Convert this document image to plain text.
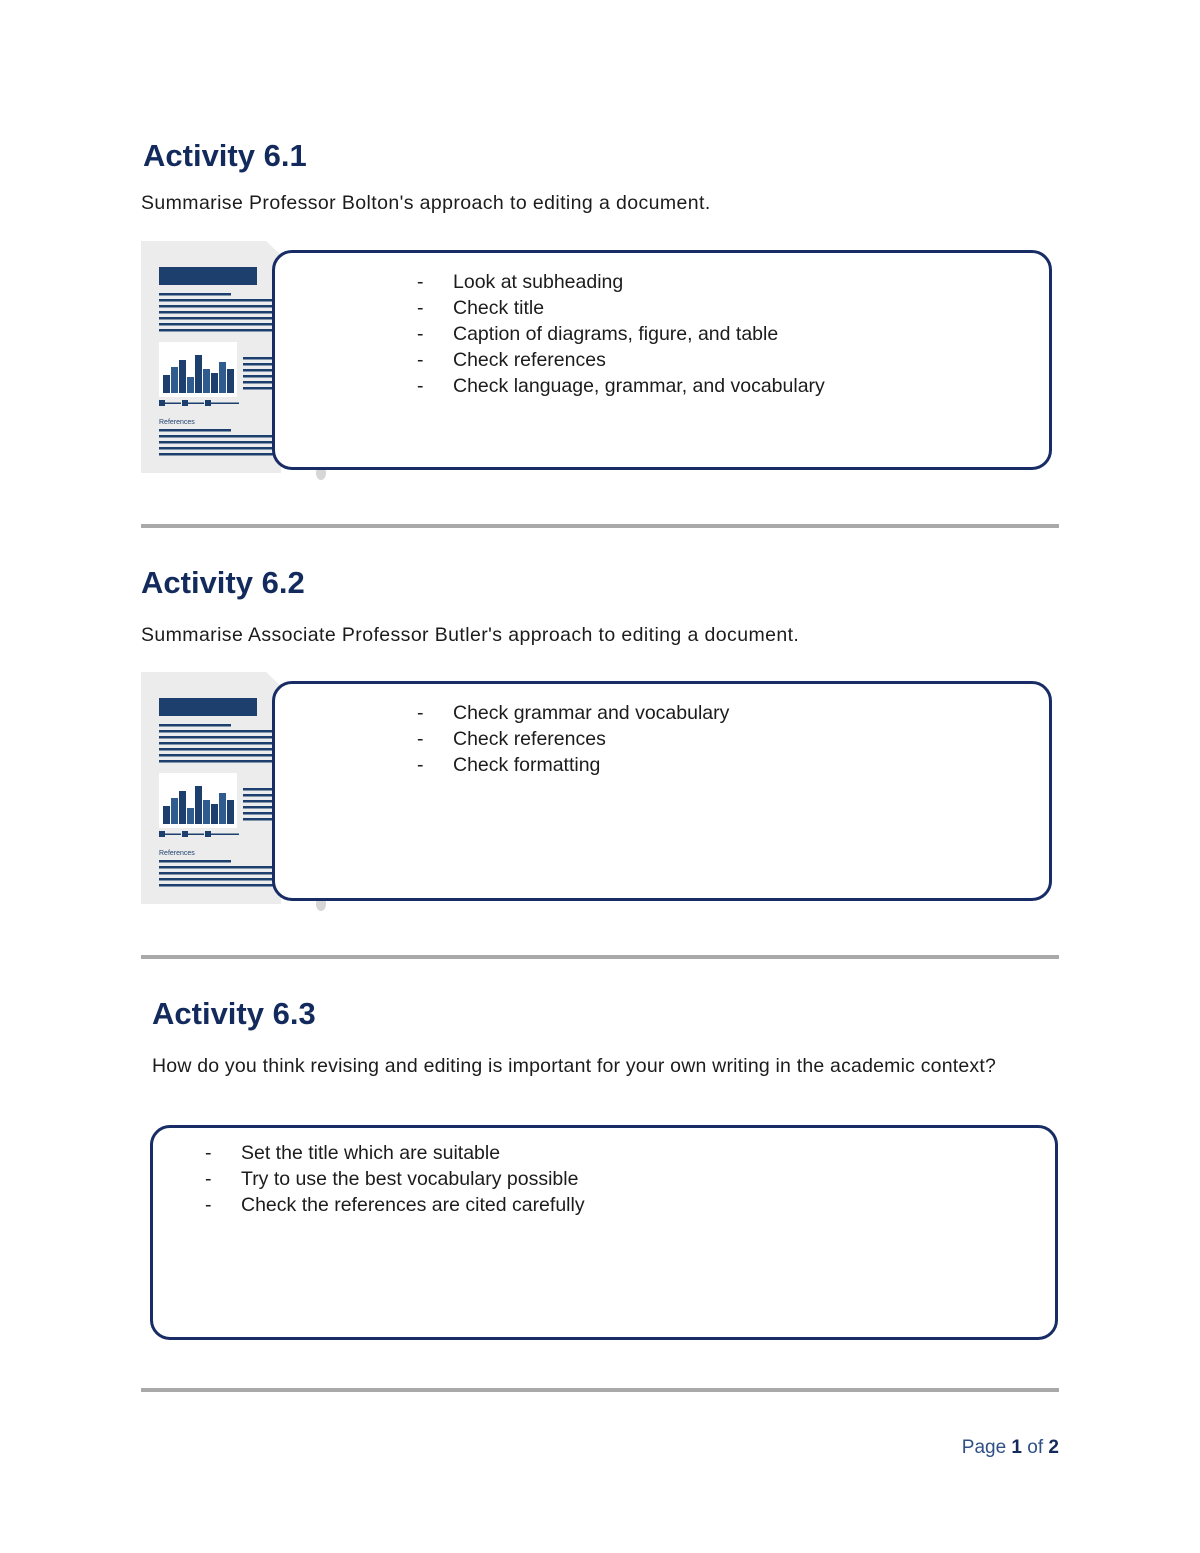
Activity 6.1

Summarise Professor Bolton's approach to editing a document.

References
- Look at subheading
- Check title
- Caption of diagrams, figure, and table
- Check references
- Check language, grammar, and vocabulary
Activity 6.2

Summarise Associate Professor Butler's approach to editing a document.

References
- Check grammar and vocabulary
- Check references
- Check formatting
Activity 6.3

How do you think revising and editing is important for your own writing in the academic context?

- Set the title which are suitable
- Try to use the best vocabulary possible
- Check the references are cited carefully
Page 1 of 2
